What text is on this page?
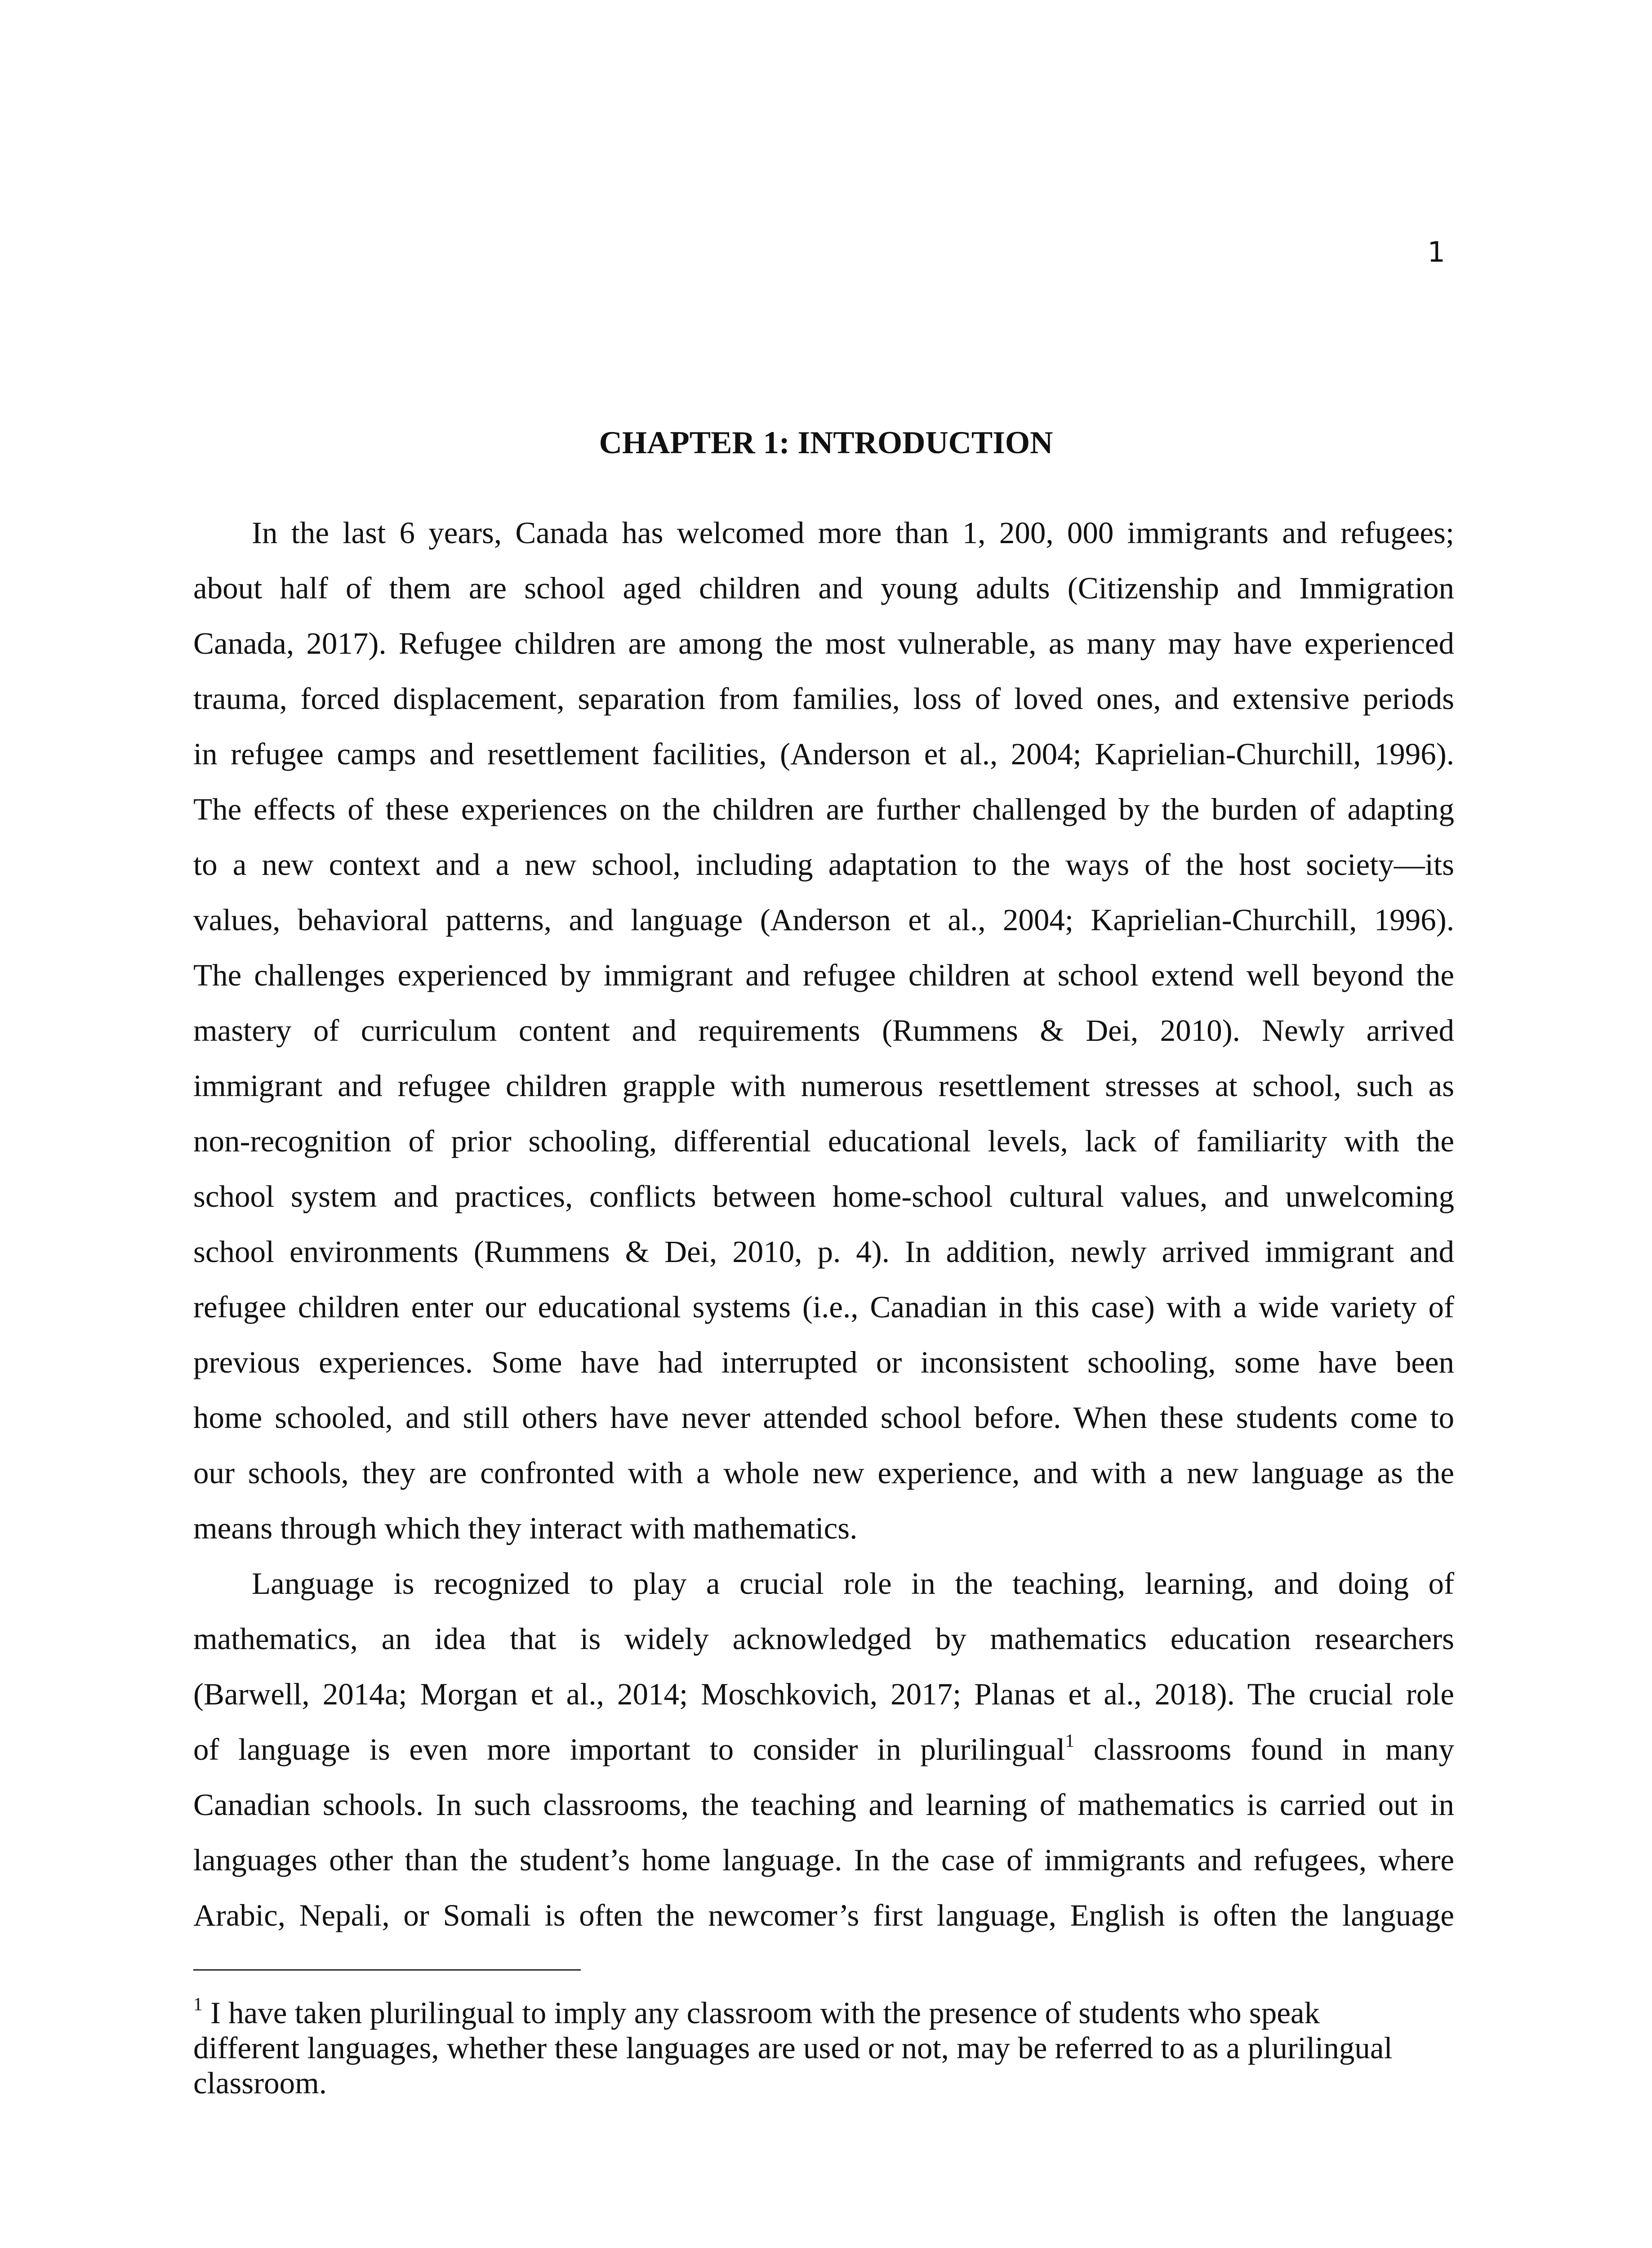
1
CHAPTER 1: INTRODUCTION
In the last 6 years, Canada has welcomed more than 1, 200, 000 immigrants and refugees;
about half of them are school aged children and young adults (Citizenship and Immigration
Canada, 2017). Refugee children are among the most vulnerable, as many may have experienced
trauma, forced displacement, separation from families, loss of loved ones, and extensive periods
in refugee camps and resettlement facilities, (Anderson et al., 2004; Kaprielian-Churchill, 1996).
The effects of these experiences on the children are further challenged by the burden of adapting
to a new context and a new school, including adaptation to the ways of the host society—its
values, behavioral patterns, and language (Anderson et al., 2004; Kaprielian-Churchill, 1996).
The challenges experienced by immigrant and refugee children at school extend well beyond the
mastery of curriculum content and requirements (Rummens & Dei, 2010). Newly arrived
immigrant and refugee children grapple with numerous resettlement stresses at school, such as
non-recognition of prior schooling, differential educational levels, lack of familiarity with the
school system and practices, conflicts between home-school cultural values, and unwelcoming
school environments (Rummens & Dei, 2010, p. 4). In addition, newly arrived immigrant and
refugee children enter our educational systems (i.e., Canadian in this case) with a wide variety of
previous experiences. Some have had interrupted or inconsistent schooling, some have been
home schooled, and still others have never attended school before. When these students come to
our schools, they are confronted with a whole new experience, and with a new language as the
means through which they interact with mathematics.
Language is recognized to play a crucial role in the teaching, learning, and doing of
mathematics, an idea that is widely acknowledged by mathematics education researchers
(Barwell, 2014a; Morgan et al., 2014; Moschkovich, 2017; Planas et al., 2018). The crucial role
of language is even more important to consider in plurilingual$^1$ classrooms found in many
Canadian schools. In such classrooms, the teaching and learning of mathematics is carried out in
languages other than the student’s home language. In the case of immigrants and refugees, where
Arabic, Nepali, or Somali is often the newcomer’s first language, English is often the language
$^1$ I have taken plurilingual to imply any classroom with the presence of students who speak
different languages, whether these languages are used or not, may be referred to as a plurilingual
classroom.
